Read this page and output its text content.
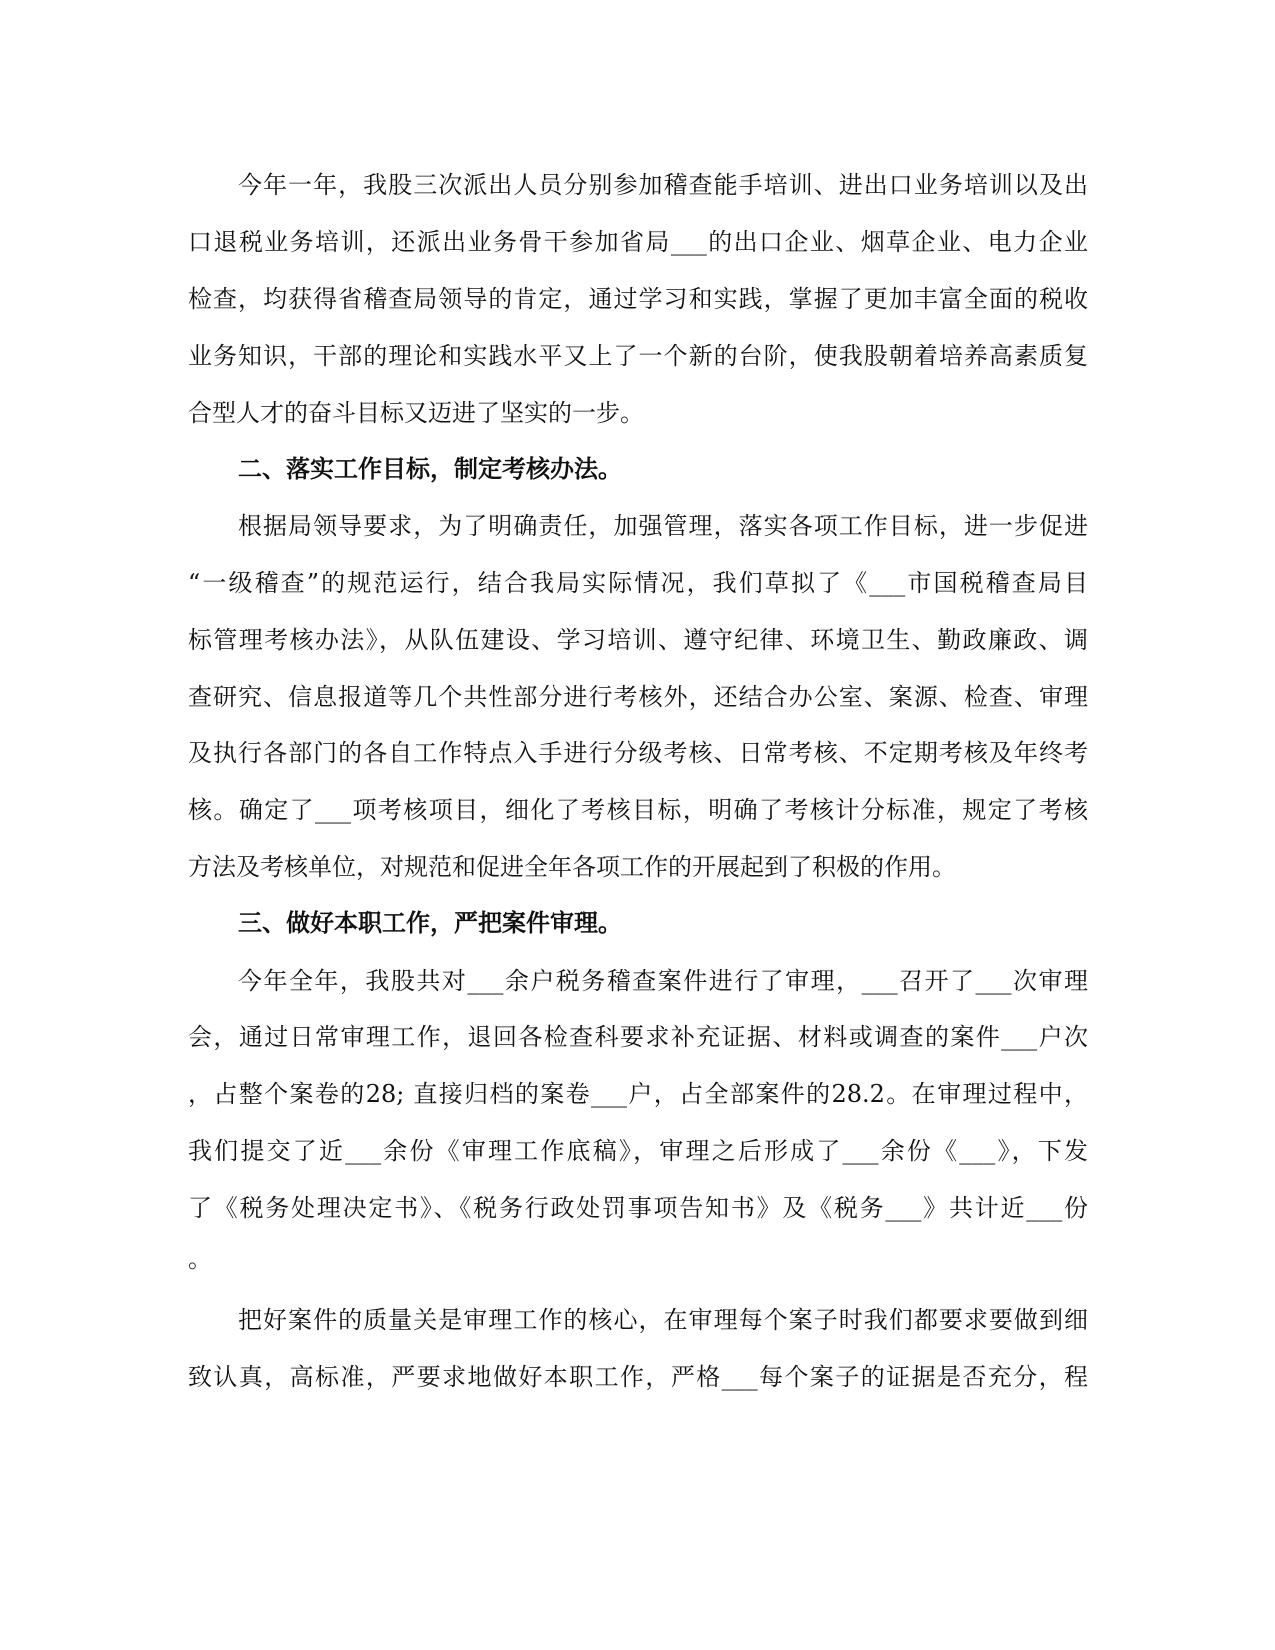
今年一年，我股三次派出人员分别参加稽查能手培训、进出口业务培训以及出
口退税业务培训，还派出业务骨干参加省局___的出口企业、烟草企业、电力企业
检查，均获得省稽查局领导的肯定，通过学习和实践，掌握了更加丰富全面的税收
业务知识，干部的理论和实践水平又上了一个新的台阶，使我股朝着培养高素质复
合型人才的奋斗目标又迈进了坚实的一步。
二、落实工作目标，制定考核办法。
根据局领导要求，为了明确责任，加强管理，落实各项工作目标，进一步促进
“一级稽查”的规范运行，结合我局实际情况，我们草拟了《___市国税稽查局目
标管理考核办法》，从队伍建设、学习培训、遵守纪律、环境卫生、勤政廉政、调
查研究、信息报道等几个共性部分进行考核外，还结合办公室、案源、检查、审理
及执行各部门的各自工作特点入手进行分级考核、日常考核、不定期考核及年终考
核。确定了___项考核项目，细化了考核目标，明确了考核计分标准，规定了考核
方法及考核单位，对规范和促进全年各项工作的开展起到了积极的作用。
三、做好本职工作，严把案件审理。
今年全年，我股共对___余户税务稽查案件进行了审理，___召开了___次审理
会，通过日常审理工作，退回各检查科要求补充证据、材料或调查的案件___户次
，占整个案卷的28; 直接归档的案卷___户，占全部案件的28.2。在审理过程中，
我们提交了近___余份《审理工作底稿》，审理之后形成了___余份《___》，下发
了《税务处理决定书》、《税务行政处罚事项告知书》及《税务___》共计近___份
。
把好案件的质量关是审理工作的核心，在审理每个案子时我们都要求要做到细
致认真，高标准，严要求地做好本职工作，严格___每个案子的证据是否充分，程
